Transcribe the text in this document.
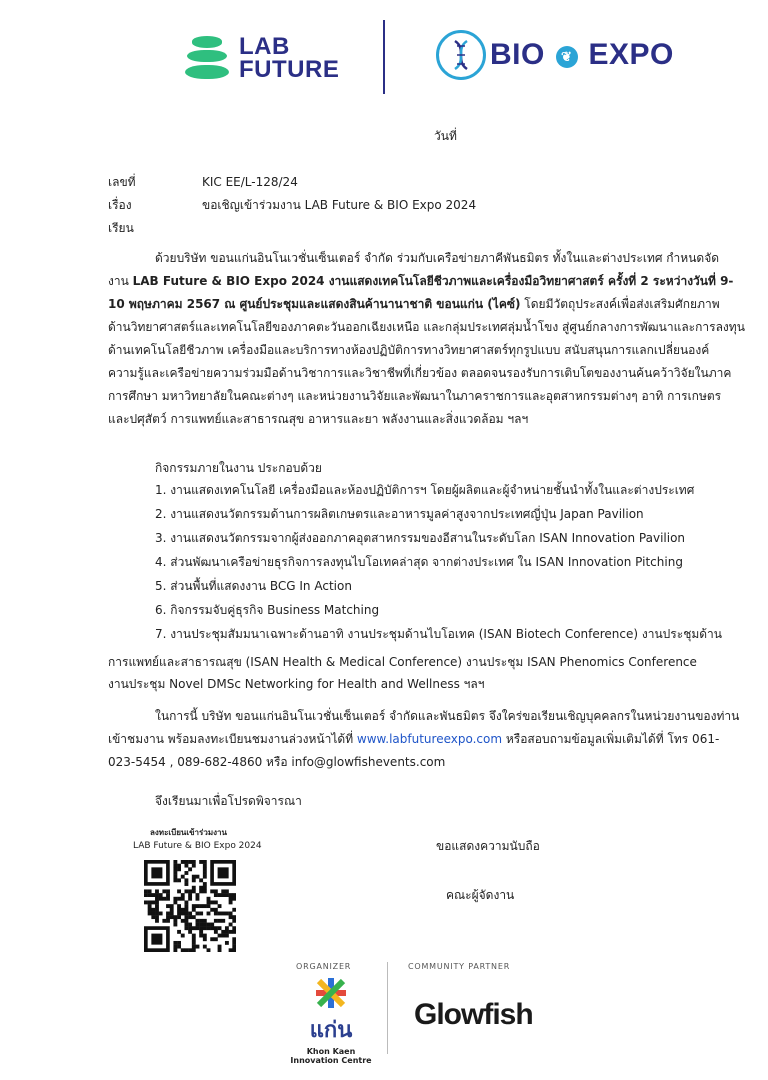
LAB
FUTURE	BIO ❦ EXPO
วันที่
เลขที่	KIC EE/L-128/24
เรื่อง	ขอเชิญเข้าร่วมงาน LAB Future & BIO Expo 2024
เรียน

ด้วยบริษัท ขอนแก่นอินโนเวชั่นเซ็นเตอร์ จำกัด ร่วมกับเครือข่ายภาคีพันธมิตร ทั้งในและต่างประเทศ กำหนดจัด

งาน LAB Future & BIO Expo 2024 งานแสดงเทคโนโลยีชีวภาพและเครื่องมือวิทยาศาสตร์ ครั้งที่ 2 ระหว่างวันที่ 9-

10 พฤษภาคม 2567 ณ ศูนย์ประชุมและแสดงสินค้านานาชาติ ขอนแก่น (ไคซ์) โดยมีวัตถุประสงค์เพื่อส่งเสริมศักยภาพ

ด้านวิทยาศาสตร์และเทคโนโลยีของภาคตะวันออกเฉียงเหนือ และกลุ่มประเทศลุ่มน้ำโขง สู่ศูนย์กลางการพัฒนาและการลงทุน

ด้านเทคโนโลยีชีวภาพ เครื่องมือและบริการทางห้องปฏิบัติการทางวิทยาศาสตร์ทุกรูปแบบ สนับสนุนการแลกเปลี่ยนองค์

ความรู้และเครือข่ายความร่วมมือด้านวิชาการและวิชาชีพที่เกี่ยวข้อง ตลอดจนรองรับการเติบโตของงานค้นคว้าวิจัยในภาค

การศึกษา มหาวิทยาลัยในคณะต่างๆ และหน่วยงานวิจัยและพัฒนาในภาคราชการและอุตสาหกรรมต่างๆ อาทิ การเกษตร

และปศุสัตว์ การแพทย์และสาธารณสุข อาหารและยา พลังงานและสิ่งแวดล้อม ฯลฯ

กิจกรรมภายในงาน ประกอบด้วย
1. งานแสดงเทคโนโลยี เครื่องมือและห้องปฏิบัติการฯ โดยผู้ผลิตและผู้จำหน่ายชั้นนำทั้งในและต่างประเทศ
2. งานแสดงนวัตกรรมด้านการผลิตเกษตรและอาหารมูลค่าสูงจากประเทศญี่ปุ่น Japan Pavilion
3. งานแสดงนวัตกรรมจากผู้ส่งออกภาคอุตสาหกรรมของอีสานในระดับโลก ISAN Innovation Pavilion
4. ส่วนพัฒนาเครือข่ายธุรกิจการลงทุนไบโอเทคล่าสุด จากต่างประเทศ ใน ISAN Innovation Pitching
5. ส่วนพื้นที่แสดงงาน BCG In Action
6. กิจกรรมจับคู่ธุรกิจ Business Matching
7. งานประชุมสัมมนาเฉพาะด้านอาทิ งานประชุมด้านไบโอเทค (ISAN Biotech Conference) งานประชุมด้าน
การแพทย์และสาธารณสุข (ISAN Health & Medical Conference) งานประชุม ISAN Phenomics Conference
งานประชุม Novel DMSc Networking for Health and Wellness ฯลฯ

ในการนี้ บริษัท ขอนแก่นอินโนเวชั่นเซ็นเตอร์ จำกัดและพันธมิตร จึงใคร่ขอเรียนเชิญบุคคลกรในหน่วยงานของท่าน

เข้าชมงาน พร้อมลงทะเบียนชมงานล่วงหน้าได้ที่ www.labfutureexpo.com หรือสอบถามข้อมูลเพิ่มเติมได้ที่ โทร 061-

023-5454 , 089-682-4860 หรือ info@glowfishevents.com

จึงเรียนมาเพื่อโปรดพิจารณา
ลงทะเบียนเข้าร่วมงาน
LAB Future & BIO Expo 2024	ขอแสดงความนับถือ
คณะผู้จัดงาน
ORGANIZER	COMMUNITY PARTNER
แก่น
Khon Kaen
Innovation Centre
Glowfish
